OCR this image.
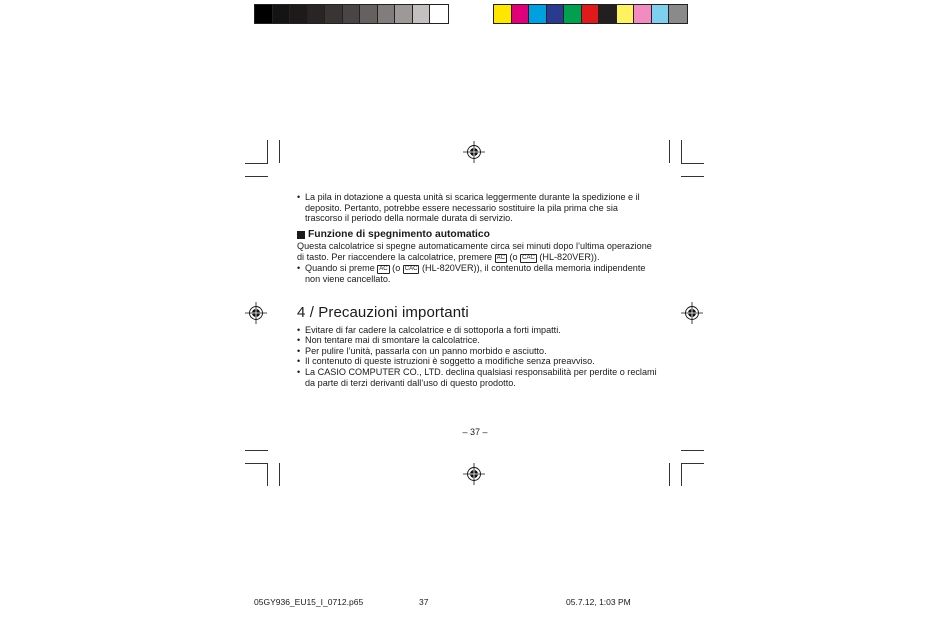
• La pila in dotazione a questa unità si scarica leggermente durante la spedizione e il deposito. Pertanto, potrebbe essere necessario sostituire la pila prima che sia trascorso il periodo della normale durata di servizio.

Funzione di spegnimento automatico

Questa calcolatrice si spegne automaticamente circa sei minuti dopo l’ultima operazione di tasto. Per riaccendere la calcolatrice, premere AC (o CAC (HL-820VER)).

• Quando si preme AC (o CAC (HL-820VER)), il contenuto della memoria indipendente non viene cancellato.

4 / Precauzioni importanti

• Evitare di far cadere la calcolatrice e di sottoporla a forti impatti.

• Non tentare mai di smontare la calcolatrice.

• Per pulire l’unità, passarla con un panno morbido e asciutto.

• Il contenuto di queste istruzioni è soggetto a modifiche senza preavviso.

• La CASIO COMPUTER CO., LTD. declina qualsiasi responsabilità per perdite o reclami da parte di terzi derivanti dall’uso di questo prodotto.

– 37 –
05GY936_EU15_I_0712.p65	37	05.7.12, 1:03 PM
